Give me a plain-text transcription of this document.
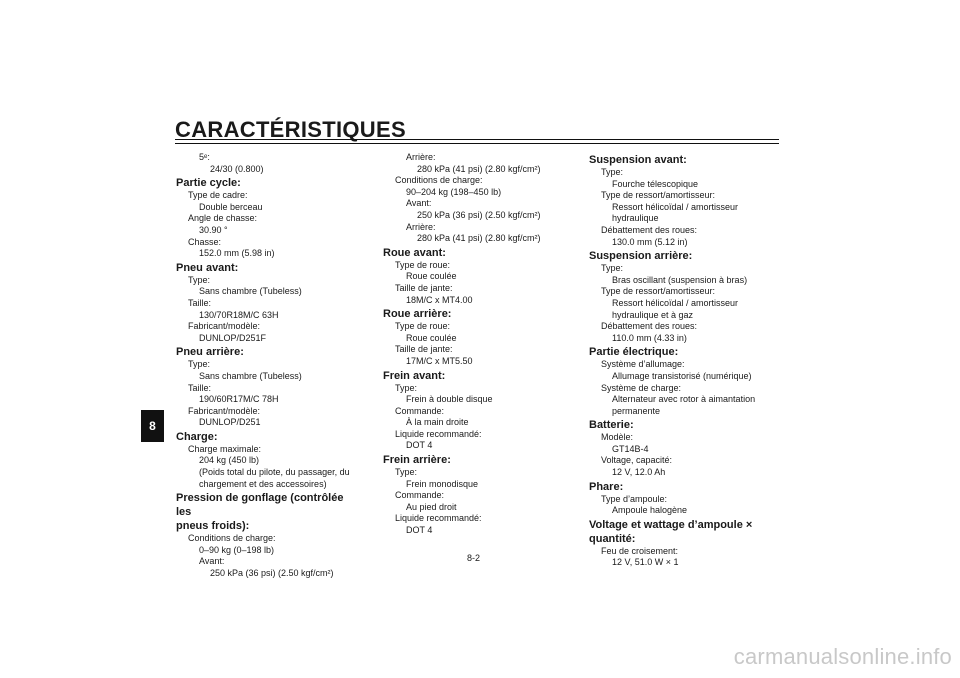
CARACTÉRISTIQUES
8
5ᵉ:
24/30 (0.800)
Partie cycle:
Type de cadre:
Double berceau
Angle de chasse:
30.90 °
Chasse:
152.0 mm (5.98 in)
Pneu avant:
Type:
Sans chambre (Tubeless)
Taille:
130/70R18M/C 63H
Fabricant/modèle:
DUNLOP/D251F
Pneu arrière:
Type:
Sans chambre (Tubeless)
Taille:
190/60R17M/C 78H
Fabricant/modèle:
DUNLOP/D251
Charge:
Charge maximale:
204 kg (450 lb)
(Poids total du pilote, du passager, du
chargement et des accessoires)
Pression de gonflage (contrôlée les
pneus froids):
Conditions de charge:
0–90 kg (0–198 lb)
Avant:
250 kPa (36 psi) (2.50 kgf/cm²)
Arrière:
280 kPa (41 psi) (2.80 kgf/cm²)
Conditions de charge:
90–204 kg (198–450 lb)
Avant:
250 kPa (36 psi) (2.50 kgf/cm²)
Arrière:
280 kPa (41 psi) (2.80 kgf/cm²)
Roue avant:
Type de roue:
Roue coulée
Taille de jante:
18M/C x MT4.00
Roue arrière:
Type de roue:
Roue coulée
Taille de jante:
17M/C x MT5.50
Frein avant:
Type:
Frein à double disque
Commande:
À la main droite
Liquide recommandé:
DOT 4
Frein arrière:
Type:
Frein monodisque
Commande:
Au pied droit
Liquide recommandé:
DOT 4
Suspension avant:
Type:
Fourche télescopique
Type de ressort/amortisseur:
Ressort hélicoïdal / amortisseur
hydraulique
Débattement des roues:
130.0 mm (5.12 in)
Suspension arrière:
Type:
Bras oscillant (suspension à bras)
Type de ressort/amortisseur:
Ressort hélicoïdal / amortisseur
hydraulique et à gaz
Débattement des roues:
110.0 mm (4.33 in)
Partie électrique:
Système d’allumage:
Allumage transistorisé (numérique)
Système de charge:
Alternateur avec rotor à aimantation
permanente
Batterie:
Modèle:
GT14B-4
Voltage, capacité:
12 V, 12.0 Ah
Phare:
Type d’ampoule:
Ampoule halogène
Voltage et wattage d’ampoule × quantité:
Feu de croisement:
12 V, 51.0 W × 1
8-2
carmanualsonline.info
